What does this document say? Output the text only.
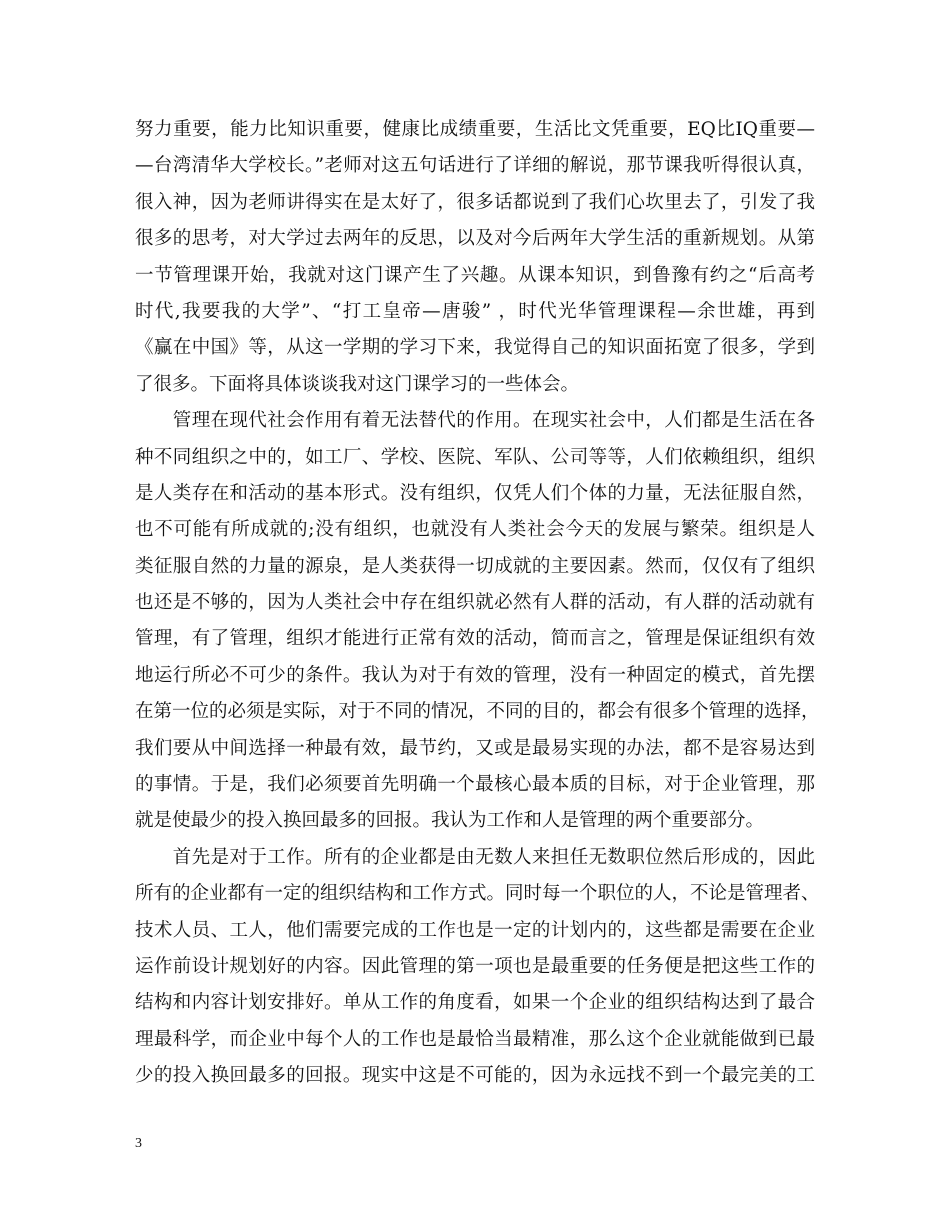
努力重要，能力比知识重要，健康比成绩重要，生活比文凭重要，EQ比IQ重要—
—台湾清华大学校长。”老师对这五句话进行了详细的解说，那节课我听得很认真，
很入神，因为老师讲得实在是太好了，很多话都说到了我们心坎里去了，引发了我
很多的思考，对大学过去两年的反思，以及对今后两年大学生活的重新规划。从第
一节管理课开始，我就对这门课产生了兴趣。从课本知识，到鲁豫有约之“后高考
时代,我要我的大学”、“打工皇帝—唐骏” ，时代光华管理课程—余世雄，再到
《赢在中国》等，从这一学期的学习下来，我觉得自己的知识面拓宽了很多，学到
了很多。下面将具体谈谈我对这门课学习的一些体会。
　　管理在现代社会作用有着无法替代的作用。在现实社会中，人们都是生活在各
种不同组织之中的，如工厂、学校、医院、军队、公司等等，人们依赖组织，组织
是人类存在和活动的基本形式。没有组织，仅凭人们个体的力量，无法征服自然，
也不可能有所成就的;没有组织，也就没有人类社会今天的发展与繁荣。组织是人
类征服自然的力量的源泉，是人类获得一切成就的主要因素。然而，仅仅有了组织
也还是不够的，因为人类社会中存在组织就必然有人群的活动，有人群的活动就有
管理，有了管理，组织才能进行正常有效的活动，简而言之，管理是保证组织有效
地运行所必不可少的条件。我认为对于有效的管理，没有一种固定的模式，首先摆
在第一位的必须是实际，对于不同的情况，不同的目的，都会有很多个管理的选择，
我们要从中间选择一种最有效，最节约，又或是最易实现的办法，都不是容易达到
的事情。于是，我们必须要首先明确一个最核心最本质的目标，对于企业管理，那
就是使最少的投入换回最多的回报。我认为工作和人是管理的两个重要部分。
　　首先是对于工作。所有的企业都是由无数人来担任无数职位然后形成的，因此
所有的企业都有一定的组织结构和工作方式。同时每一个职位的人，不论是管理者、
技术人员、工人，他们需要完成的工作也是一定的计划内的，这些都是需要在企业
运作前设计规划好的内容。因此管理的第一项也是最重要的任务便是把这些工作的
结构和内容计划安排好。单从工作的角度看，如果一个企业的组织结构达到了最合
理最科学，而企业中每个人的工作也是最恰当最精准，那么这个企业就能做到已最
少的投入换回最多的回报。现实中这是不可能的，因为永远找不到一个最完美的工
3
